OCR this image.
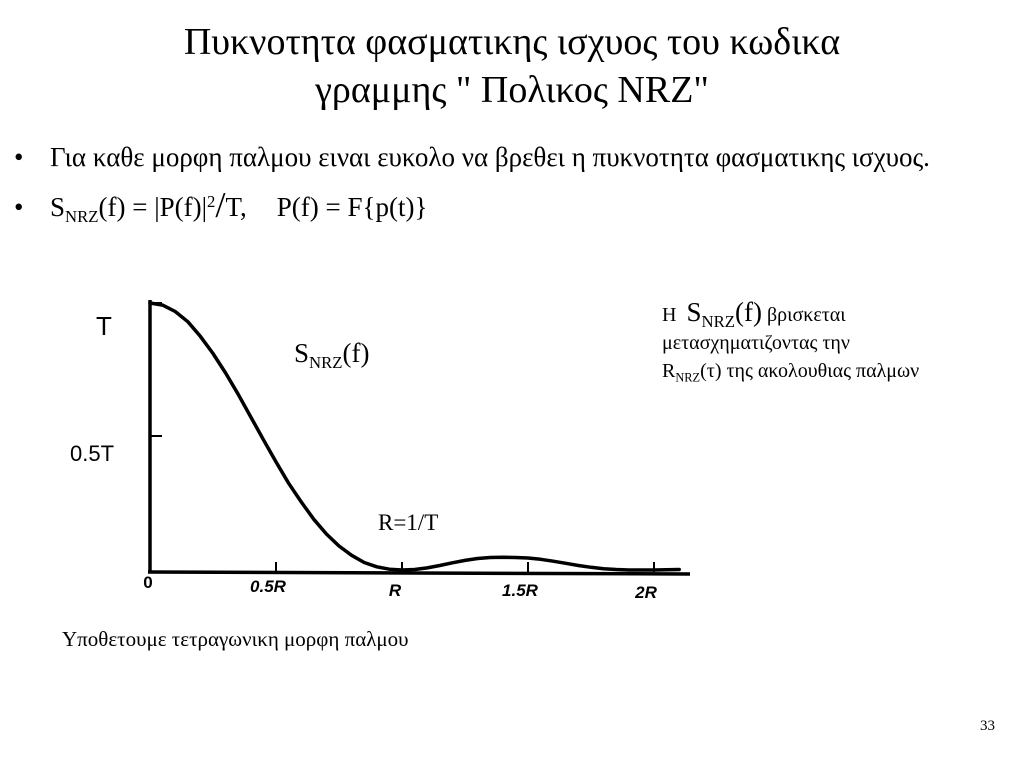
Πυκνοτητα φασματικης ισχυος του κωδικα
γραμμης " Πολικος NRZ"
• Για καθε μορφη παλμου ειναι ευκολο να βρεθει η πυκνοτητα φασματικης ισχυος.
• $S_{NRZ}(f) = |P(f)|^2/T$, P(f) = F{p(t)}
T
0.5T
0	0.5R	R	1.5R	2R
$S_{NRZ}(f)$
R=1/T
Η $S_{NRZ}(f)$ βρισκεται
μετασχηματιζοντας την
$R_{NRZ}(\tau)$ της ακολουθιας παλμων
Υποθετουμε τετραγωνικη μορφη παλμου
33
